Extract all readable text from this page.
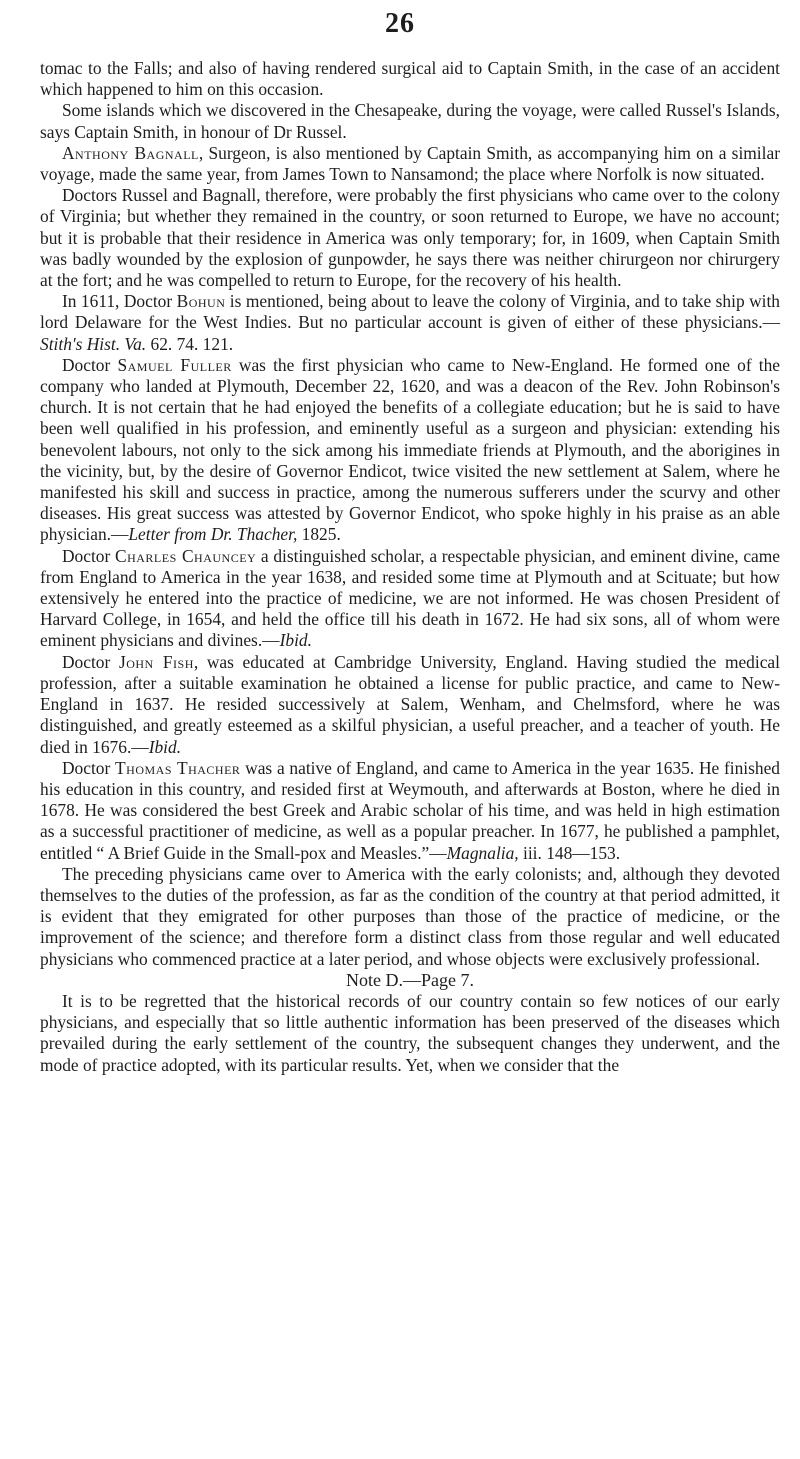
26

tomac to the Falls; and also of having rendered surgical aid to Captain Smith, in the case of an accident which happened to him on this occasion.

Some islands which we discovered in the Chesapeake, during the voyage, were called Russel's Islands, says Captain Smith, in honour of Dr Russel.

Anthony Bagnall, Surgeon, is also mentioned by Captain Smith, as accompanying him on a similar voyage, made the same year, from James Town to Nansamond; the place where Norfolk is now situated.

Doctors Russel and Bagnall, therefore, were probably the first physicians who came over to the colony of Virginia; but whether they remained in the country, or soon returned to Europe, we have no account; but it is probable that their residence in America was only temporary; for, in 1609, when Captain Smith was badly wounded by the explosion of gunpowder, he says there was neither chirurgeon nor chirurgery at the fort; and he was compelled to return to Europe, for the recovery of his health.

In 1611, Doctor Bohun is mentioned, being about to leave the colony of Virginia, and to take ship with lord Delaware for the West Indies. But no particular account is given of either of these physicians.—Stith's Hist. Va. 62. 74. 121.

Doctor Samuel Fuller was the first physician who came to New-England. He formed one of the company who landed at Plymouth, December 22, 1620, and was a deacon of the Rev. John Robinson's church. It is not certain that he had enjoyed the benefits of a collegiate education; but he is said to have been well qualified in his profession, and eminently useful as a surgeon and physician: extending his benevolent labours, not only to the sick among his immediate friends at Plymouth, and the aborigines in the vicinity, but, by the desire of Governor Endicot, twice visited the new settlement at Salem, where he manifested his skill and success in practice, among the numerous sufferers under the scurvy and other diseases. His great success was attested by Governor Endicot, who spoke highly in his praise as an able physician.—Letter from Dr. Thacher, 1825.

Doctor Charles Chauncey a distinguished scholar, a respectable physician, and eminent divine, came from England to America in the year 1638, and resided some time at Plymouth and at Scituate; but how extensively he entered into the practice of medicine, we are not informed. He was chosen President of Harvard College, in 1654, and held the office till his death in 1672. He had six sons, all of whom were eminent physicians and divines.—Ibid.

Doctor John Fish, was educated at Cambridge University, England. Having studied the medical profession, after a suitable examination he obtained a license for public practice, and came to New-England in 1637. He resided successively at Salem, Wenham, and Chelmsford, where he was distinguished, and greatly esteemed as a skilful physician, a useful preacher, and a teacher of youth. He died in 1676.—Ibid.

Doctor Thomas Thacher was a native of England, and came to America in the year 1635. He finished his education in this country, and resided first at Weymouth, and afterwards at Boston, where he died in 1678. He was considered the best Greek and Arabic scholar of his time, and was held in high estimation as a successful practitioner of medicine, as well as a popular preacher. In 1677, he published a pamphlet, entitled “ A Brief Guide in the Small-pox and Measles.”—Magnalia, iii. 148—153.

The preceding physicians came over to America with the early colonists; and, although they devoted themselves to the duties of the profession, as far as the condition of the country at that period admitted, it is evident that they emigrated for other purposes than those of the practice of medicine, or the improvement of the science; and therefore form a distinct class from those regular and well educated physicians who commenced practice at a later period, and whose objects were exclusively professional.

Note D.—Page 7.

It is to be regretted that the historical records of our country contain so few notices of our early physicians, and especially that so little authentic information has been preserved of the diseases which prevailed during the early settlement of the country, the subsequent changes they underwent, and the mode of practice adopted, with its particular results. Yet, when we consider that the
